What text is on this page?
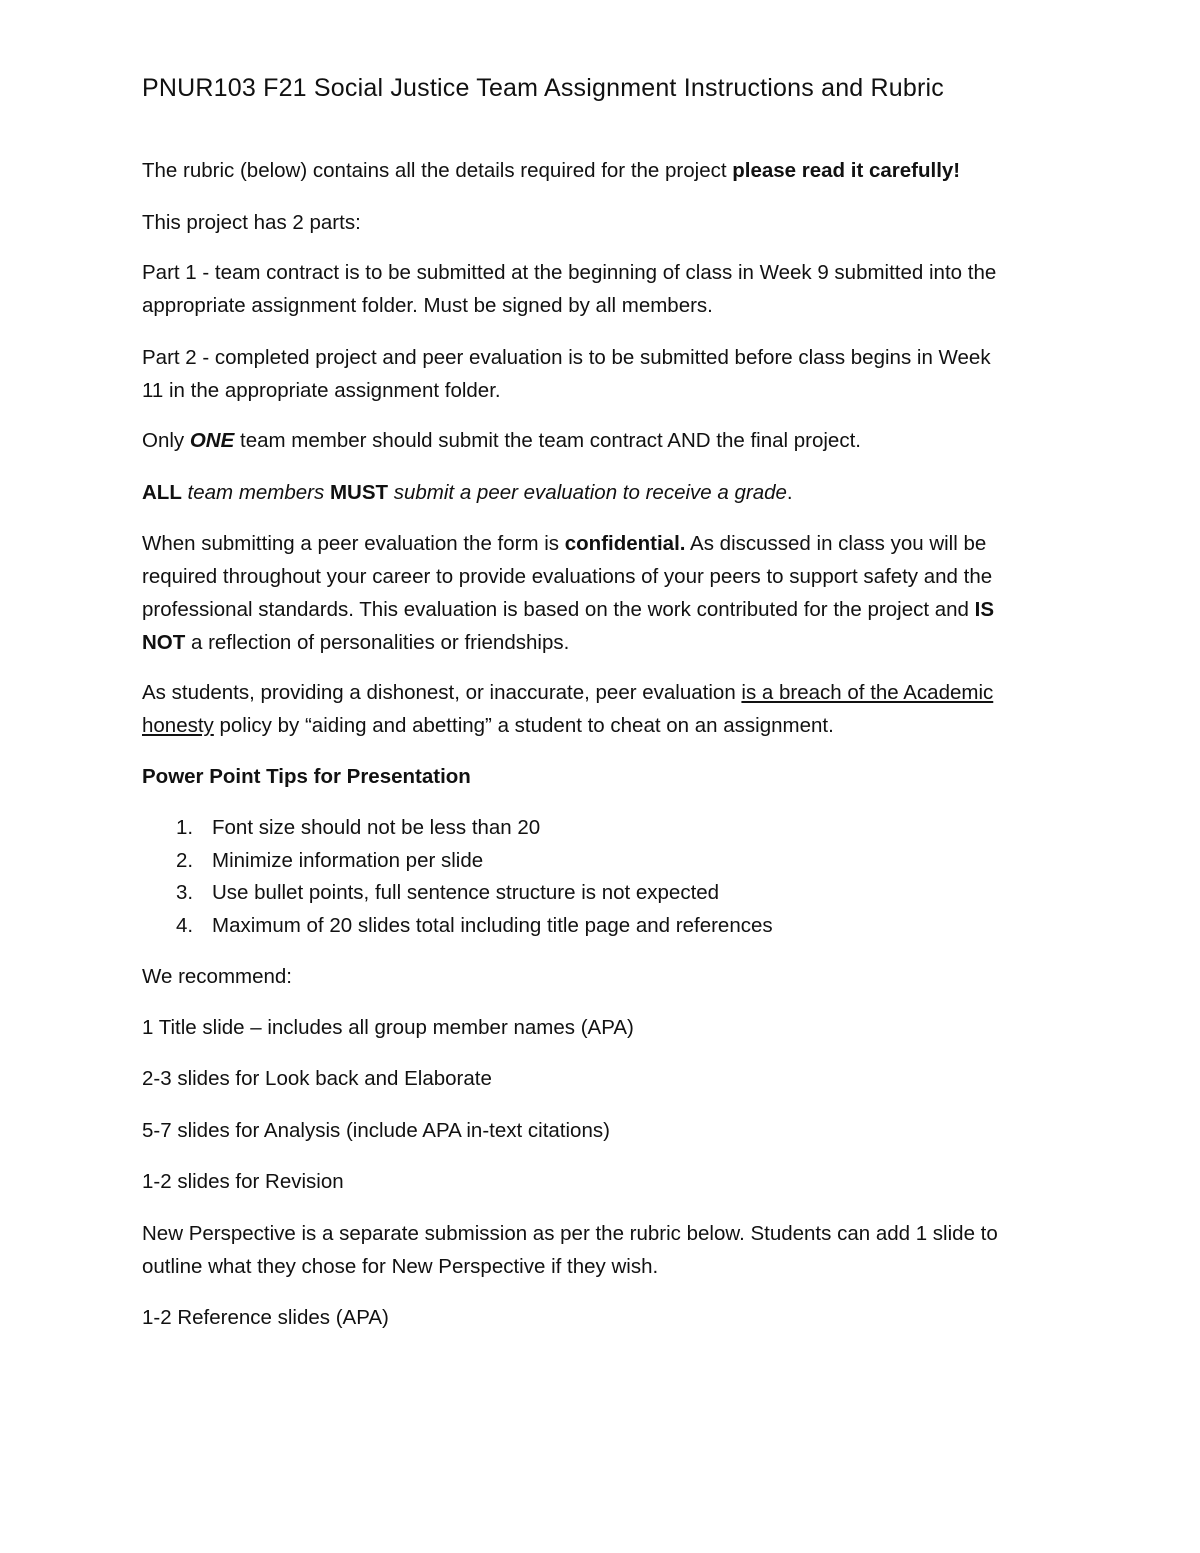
PNUR103 F21 Social Justice Team Assignment Instructions and Rubric

The rubric (below) contains all the details required for the project please read it carefully!

This project has 2 parts:

Part 1 - team contract is to be submitted at the beginning of class in Week 9 submitted into the
appropriate assignment folder. Must be signed by all members.

Part 2 - completed project and peer evaluation is to be submitted before class begins in Week
11 in the appropriate assignment folder.

Only ONE team member should submit the team contract AND the final project.

ALL team members MUST submit a peer evaluation to receive a grade.

When submitting a peer evaluation the form is confidential. As discussed in class you will be
required throughout your career to provide evaluations of your peers to support safety and the
professional standards. This evaluation is based on the work contributed for the project and IS
NOT a reflection of personalities or friendships.

As students, providing a dishonest, or inaccurate, peer evaluation is a breach of the Academic
honesty policy by “aiding and abetting” a student to cheat on an assignment.

Power Point Tips for Presentation

1. Font size should not be less than 20
2. Minimize information per slide
3. Use bullet points, full sentence structure is not expected
4. Maximum of 20 slides total including title page and references

We recommend:

1 Title slide – includes all group member names (APA)

2-3 slides for Look back and Elaborate

5-7 slides for Analysis (include APA in-text citations)

1-2 slides for Revision

New Perspective is a separate submission as per the rubric below. Students can add 1 slide to
outline what they chose for New Perspective if they wish.

1-2 Reference slides (APA)
